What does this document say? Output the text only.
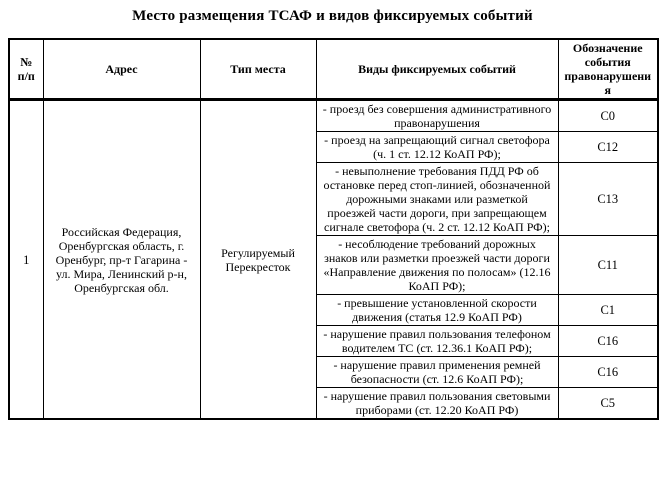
Место размещения ТСАФ и видов фиксируемых событий
№ п/п	Адрес	Тип места	Виды фиксируемых событий	Обозначение события правонарушения
1	Российская Федерация, Оренбургская область, г. Оренбург, пр-т Гагарина - ул. Мира, Ленинский р-н, Оренбургская обл.	Регулируемый Перекресток	- проезд без совершения административного правонарушения	C0
			- проезд на запрещающий сигнал светофора (ч. 1 ст. 12.12 КоАП РФ);	C12
			- невыполнение требования ПДД РФ об остановке перед стоп-линией, обозначенной дорожными знаками или разметкой проезжей части дороги, при запрещающем сигнале светофора (ч. 2 ст. 12.12 КоАП РФ);	C13
			- несоблюдение требований дорожных знаков или разметки проезжей части дороги «Направление движения по полосам» (12.16 КоАП РФ);	C11
			- превышение установленной скорости движения (статья 12.9 КоАП РФ)	C1
			- нарушение правил пользования телефоном водителем ТС (ст. 12.36.1 КоАП РФ);	C16
			- нарушение правил применения ремней безопасности (ст. 12.6 КоАП РФ);	C16
			- нарушение правил пользования световыми приборами (ст. 12.20 КоАП РФ)	C5
